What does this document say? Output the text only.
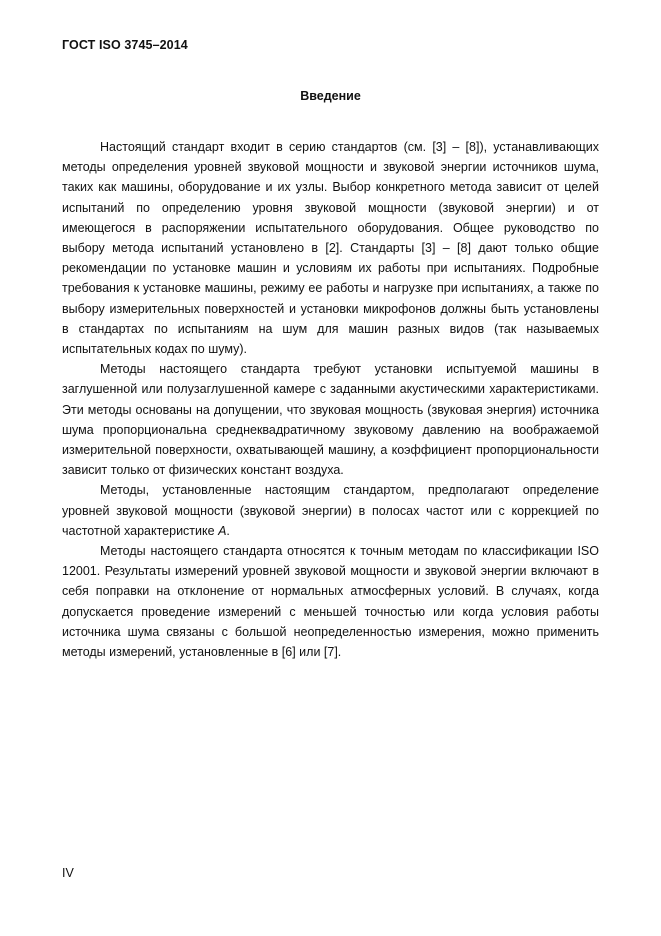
ГОСТ ISO 3745–2014
Введение

Настоящий стандарт входит в серию стандартов (см. [3] – [8]), устанавливающих методы определения уровней звуковой мощности и звуковой энергии источников шума, таких как машины, оборудование и их узлы. Выбор конкретного метода зависит от целей испытаний по определению уровня звуковой мощности (звуковой энергии) и от имеющегося в распоряжении испытательного оборудования. Общее руководство по выбору метода испытаний установлено в [2]. Стандарты [3] – [8] дают только общие рекомендации по установке машин и условиям их работы при испытаниях. Подробные требования к установке машины, режиму ее работы и нагрузке при испытаниях, а также по выбору измерительных поверхностей и установки микрофонов должны быть установлены в стандартах по испытаниям на шум для машин разных видов (так называемых испытательных кодах по шуму).

Методы настоящего стандарта требуют установки испытуемой машины в заглушенной или полузаглушенной камере с заданными акустическими характеристиками. Эти методы основаны на допущении, что звуковая мощность (звуковая энергия) источника шума пропорциональна среднеквадратичному звуковому давлению на воображаемой измерительной поверхности, охватывающей машину, а коэффициент пропорциональности зависит только от физических констант воздуха.

Методы, установленные настоящим стандартом, предполагают определение уровней звуковой мощности (звуковой энергии) в полосах частот или с коррекцией по частотной характеристике А.

Методы настоящего стандарта относятся к точным методам по классификации ISO 12001. Результаты измерений уровней звуковой мощности и звуковой энергии включают в себя поправки на отклонение от нормальных атмосферных условий. В случаях, когда допускается проведение измерений с меньшей точностью или когда условия работы источника шума связаны с большой неопределенностью измерения, можно применить методы измерений, установленные в [6] или [7].

IV
